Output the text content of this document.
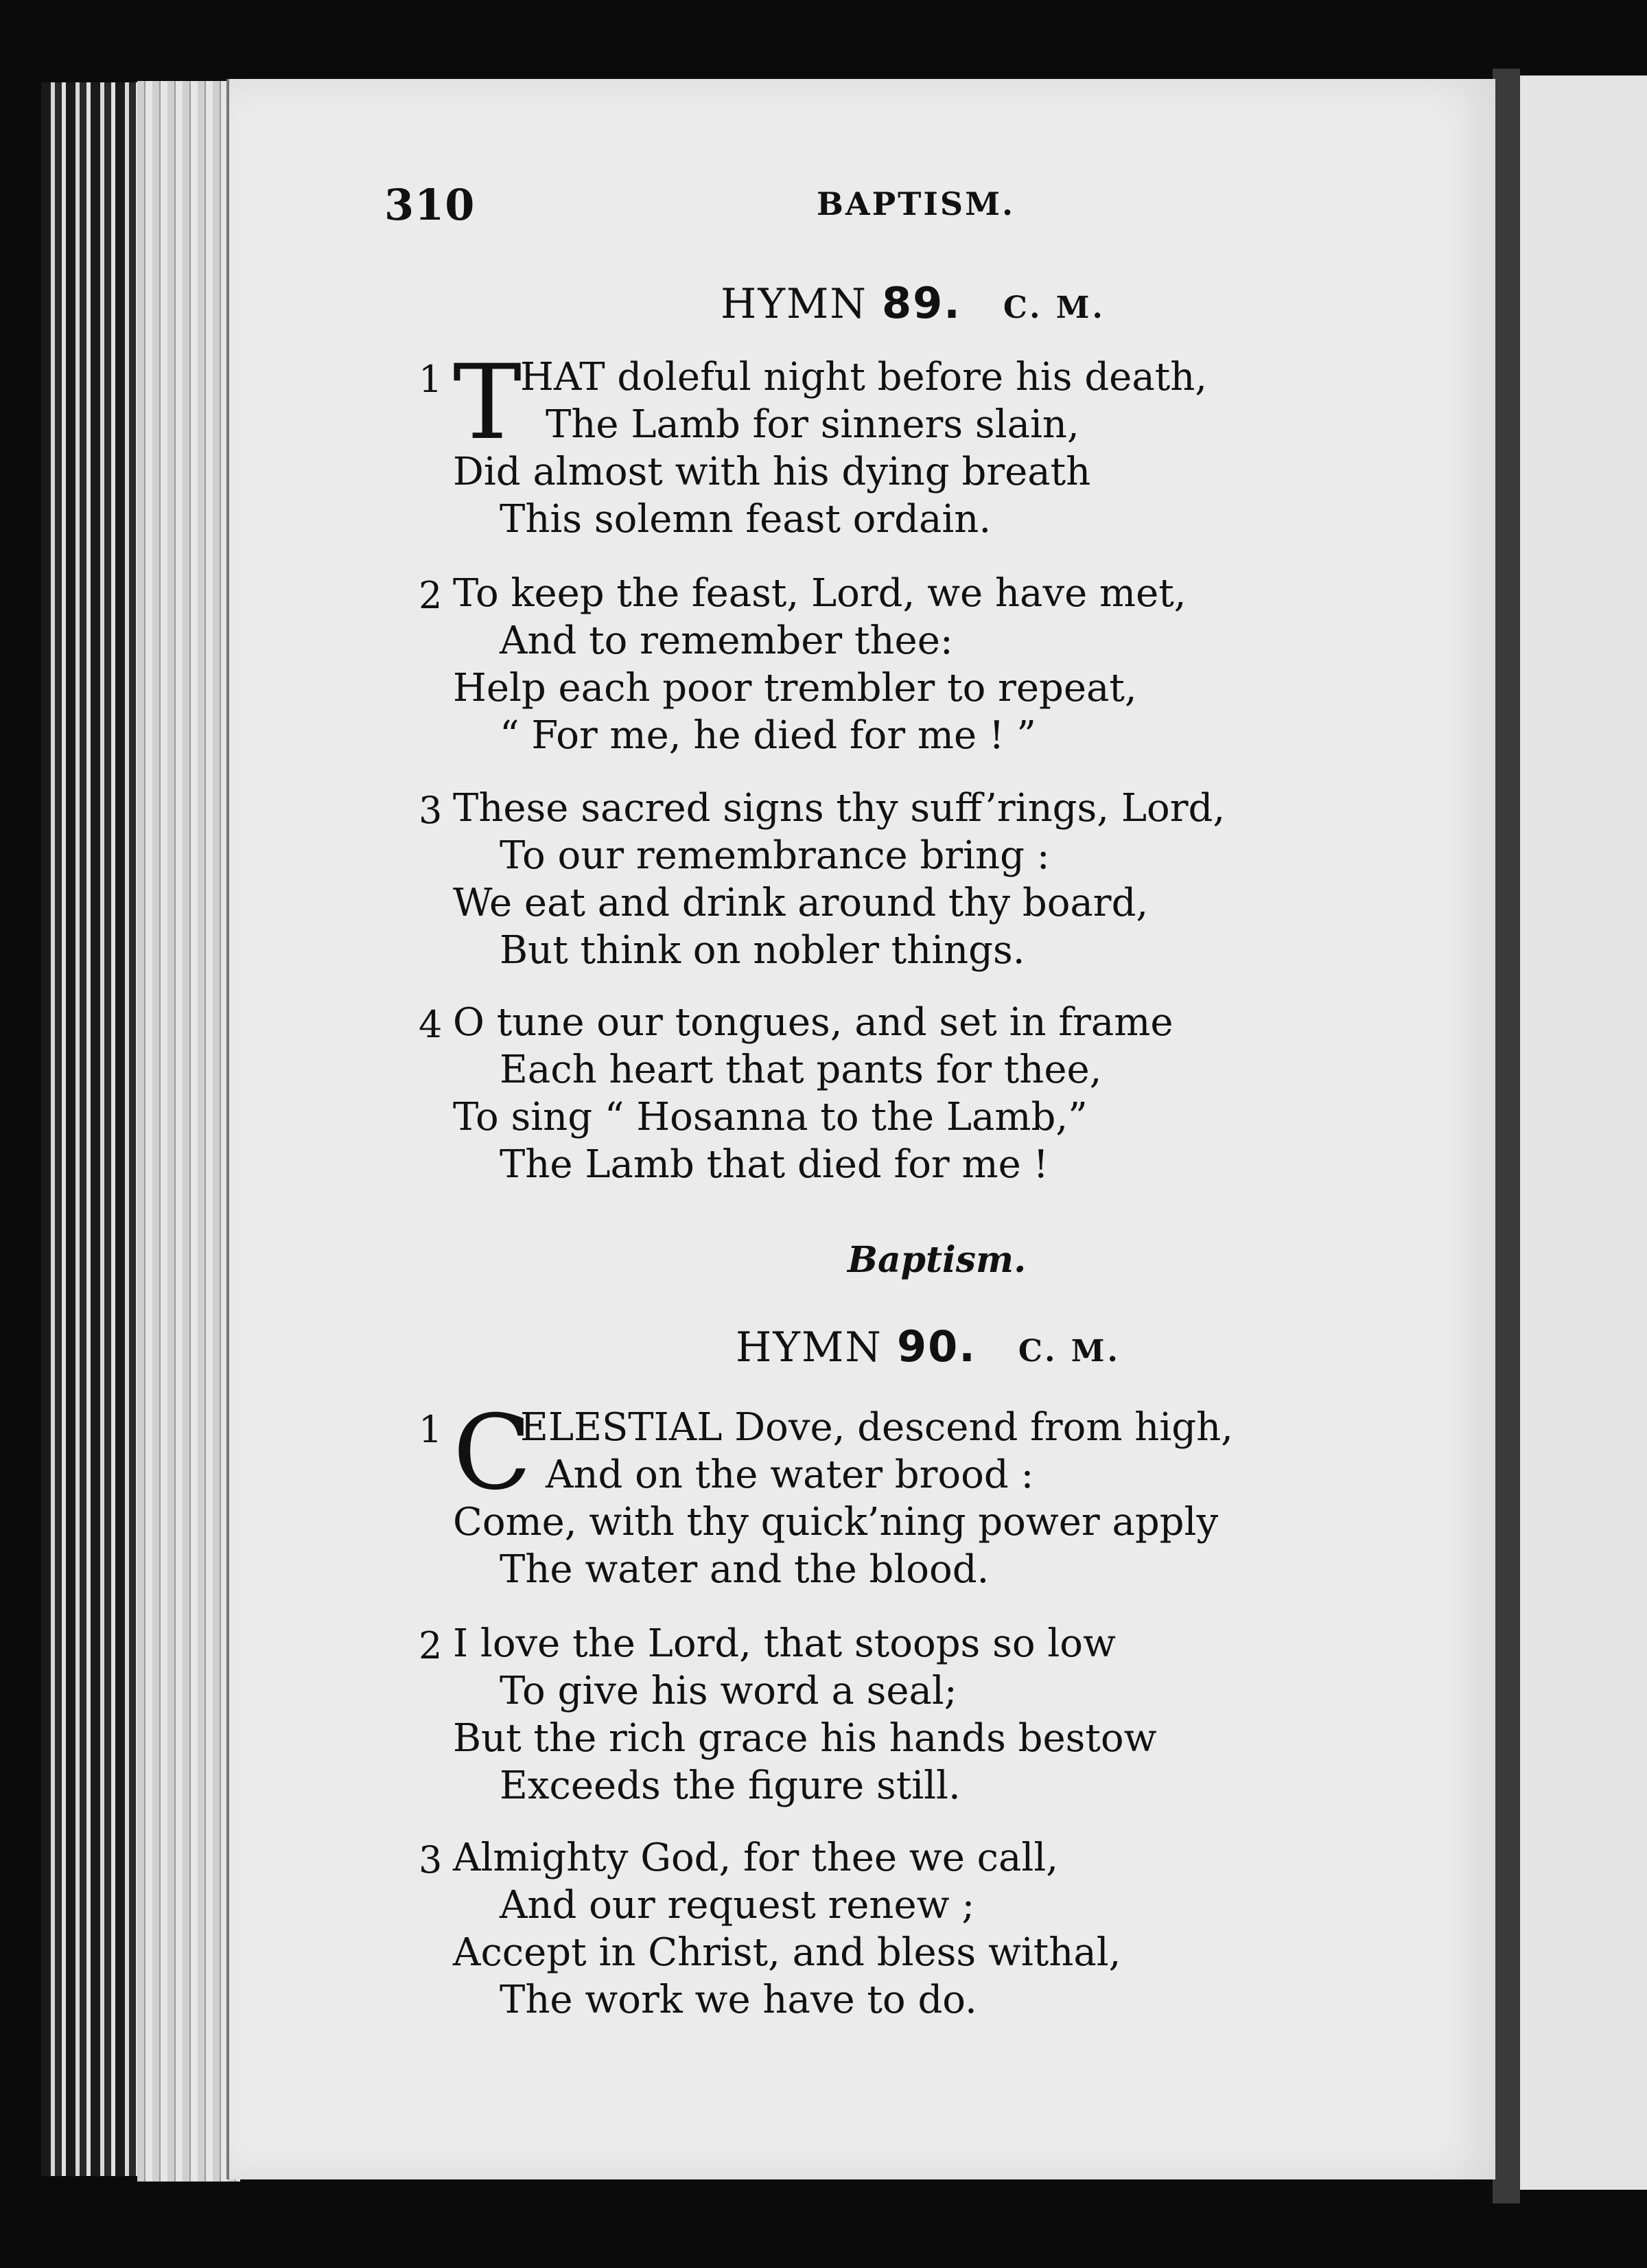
310	BAPTISM.
HYMN 89. C. M.
1 T
HAT doleful night before his death,
The Lamb for sinners slain,
Did almost with his dying breath
This solemn feast ordain.
2 To keep the feast, Lord, we have met,
And to remember thee:
Help each poor trembler to repeat,
“ For me, he died for me ! ”
3 These sacred signs thy suff’rings, Lord,
To our remembrance bring :
We eat and drink around thy board,
But think on nobler things.
4 O tune our tongues, and set in frame
Each heart that pants for thee,
To sing “ Hosanna to the Lamb,”
The Lamb that died for me !
Baptism.
HYMN 90. C. M.
1 C
ELESTIAL Dove, descend from high,
And on the water brood :
Come, with thy quick’ning power apply
The water and the blood.
2 I love the Lord, that stoops so low
To give his word a seal;
But the rich grace his hands bestow
Exceeds the figure still.
3 Almighty God, for thee we call,
And our request renew ;
Accept in Christ, and bless withal,
The work we have to do.
